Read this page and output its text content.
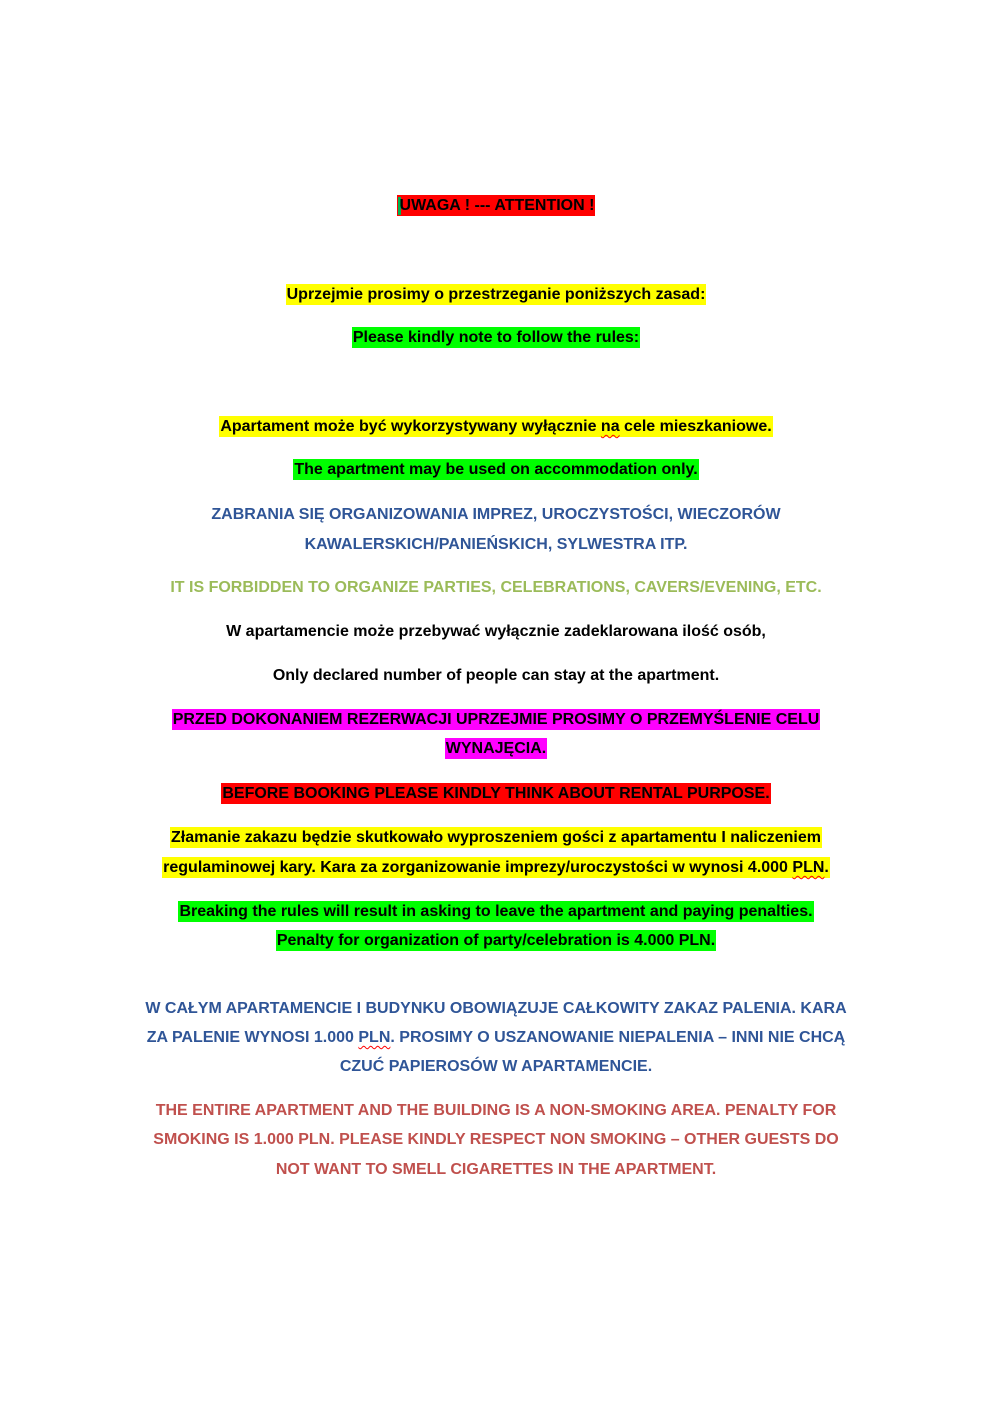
UWAGA ! --- ATTENTION !
Uprzejmie prosimy o przestrzeganie poniższych zasad:
Please kindly note to follow the rules:
Apartament może być wykorzystywany wyłącznie na cele mieszkaniowe.
The apartment may be used on accommodation only.
ZABRANIA SIĘ ORGANIZOWANIA IMPREZ, UROCZYSTOŚCI, WIECZORÓW
KAWALERSKICH/PANIEŃSKICH, SYLWESTRA ITP.
IT IS FORBIDDEN TO ORGANIZE PARTIES, CELEBRATIONS, CAVERS/EVENING, ETC.
W apartamencie może przebywać wyłącznie zadeklarowana ilość osób,
Only declared number of people can stay at the apartment.
PRZED DOKONANIEM REZERWACJI UPRZEJMIE PROSIMY O PRZEMYŚLENIE CELU
WYNAJĘCIA.
BEFORE BOOKING PLEASE KINDLY THINK ABOUT RENTAL PURPOSE.
Złamanie zakazu będzie skutkowało wyproszeniem gości z apartamentu I naliczeniem
regulaminowej kary. Kara za zorganizowanie imprezy/uroczystości w wynosi 4.000 PLN.
Breaking the rules will result in asking to leave the apartment and paying penalties.
Penalty for organization of party/celebration is 4.000 PLN.
W CAŁYM APARTAMENCIE I BUDYNKU OBOWIĄZUJE CAŁKOWITY ZAKAZ PALENIA. KARA
ZA PALENIE WYNOSI 1.000 PLN. PROSIMY O USZANOWANIE NIEPALENIA – INNI NIE CHCĄ
CZUĆ PAPIEROSÓW W APARTAMENCIE.
THE ENTIRE APARTMENT AND THE BUILDING IS A NON-SMOKING AREA. PENALTY FOR
SMOKING IS 1.000 PLN. PLEASE KINDLY RESPECT NON SMOKING – OTHER GUESTS DO
NOT WANT TO SMELL CIGARETTES IN THE APARTMENT.
